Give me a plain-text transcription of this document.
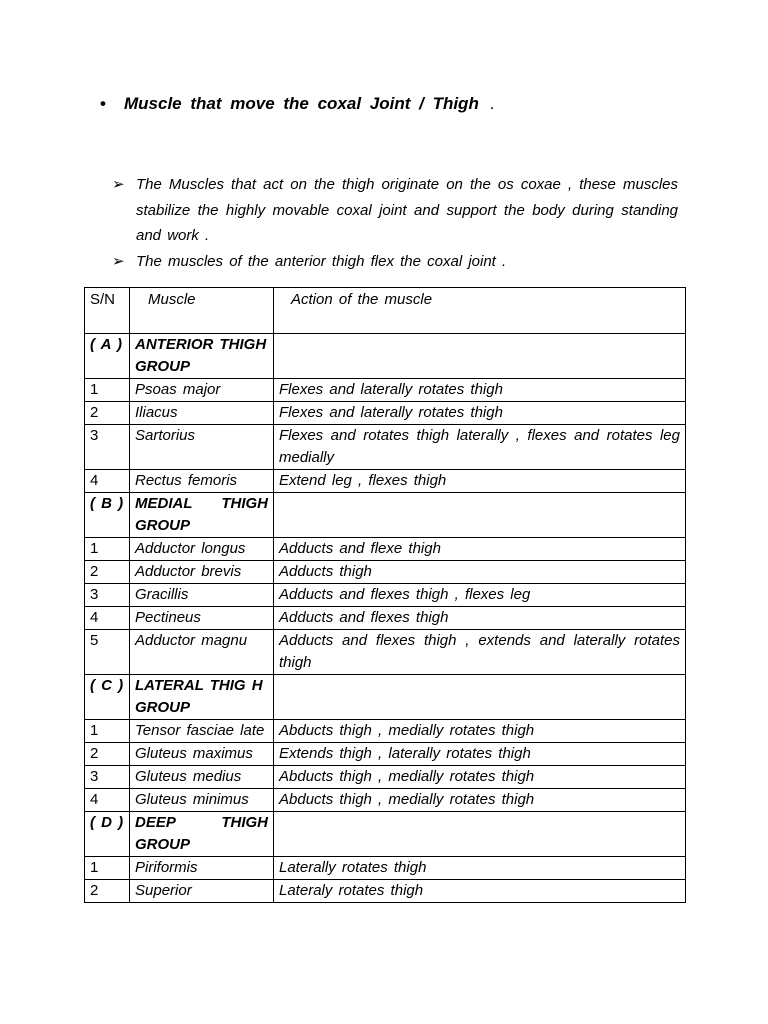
• Muscle that move the coxal Joint / Thigh .
➢ The Muscles that act on the thigh originate on the os coxae , these muscles stabilize the highly movable coxal joint and support the body during standing and work .
➢ The muscles of the anterior thigh flex the coxal joint .
S/N	Muscle	Action of the muscle
( A )	ANTERIOR THIGH GROUP	
1	Psoas major	Flexes and laterally rotates thigh
2	Iliacus	Flexes and laterally rotates thigh
3	Sartorius	Flexes and rotates thigh laterally , flexes and rotates leg medially
4	Rectus femoris	Extend leg , flexes thigh
( B )	MEDIAL THIGH GROUP	
1	Adductor longus	Adducts and flexe thigh
2	Adductor brevis	Adducts thigh
3	Gracillis	Adducts and flexes thigh , flexes leg
4	Pectineus	Adducts and flexes thigh
5	Adductor magnu	Adducts and flexes thigh , extends and laterally rotates thigh
( C )	LATERAL THIG H GROUP	
1	Tensor fasciae late	Abducts thigh , medially rotates thigh
2	Gluteus maximus	Extends thigh , laterally rotates thigh
3	Gluteus medius	Abducts thigh , medially rotates thigh
4	Gluteus minimus	Abducts thigh , medially rotates thigh
( D )	DEEP THIGH GROUP	
1	Piriformis	Laterally rotates thigh
2	Superior	Lateraly rotates thigh
